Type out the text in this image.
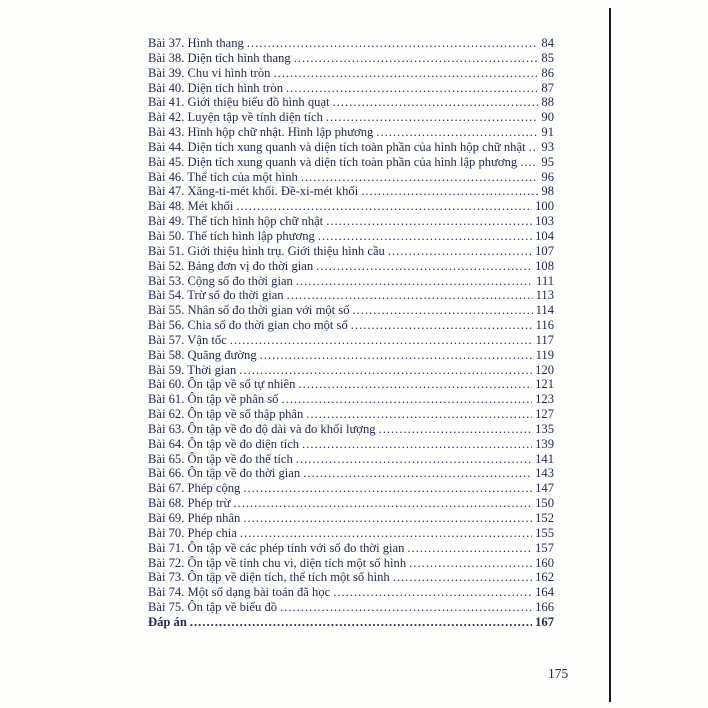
Bài 37. Hình thang .....	84
Bài 38. Diện tích hình thang .....	85
Bài 39. Chu vi hình tròn .....	86
Bài 40. Diện tích hình tròn .....	87
Bài 41. Giới thiệu biểu đồ hình quạt .....	88
Bài 42. Luyện tập về tính diện tích .....	90
Bài 43. Hình hộp chữ nhật. Hình lập phương .....	91
Bài 44. Diện tích xung quanh và diện tích toàn phần của hình hộp chữ nhật ..... 93
Bài 45. Diện tích xung quanh và diện tích toàn phần của hình lập phương ..... 95
Bài 46. Thể tích của một hình .....	96
Bài 47. Xăng-ti-mét khối. Đề-xi-mét khối .....	98
Bài 48. Mét khối .....	100
Bài 49. Thể tích hình hộp chữ nhật .....	103
Bài 50. Thể tích hình lập phương .....	104
Bài 51. Giới thiệu hình trụ. Giới thiệu hình cầu .....	107
Bài 52. Bảng đơn vị đo thời gian .....	108
Bài 53. Cộng số đo thời gian .....	111
Bài 54. Trừ số đo thời gian .....	113
Bài 55. Nhân số đo thời gian với một số .....	114
Bài 56. Chia số đo thời gian cho một số .....	116
Bài 57. Vận tốc .....	117
Bài 58. Quãng đường .....	119
Bài 59. Thời gian .....	120
Bài 60. Ôn tập về số tự nhiên .....	121
Bài 61. Ôn tập về phân số .....	123
Bài 62. Ôn tập về số thập phân .....	127
Bài 63. Ôn tập về đo độ dài và đo khối lượng .....	135
Bài 64. Ôn tập về đo diện tích .....	139
Bài 65. Ôn tập về đo thể tích .....	141
Bài 66. Ôn tập về đo thời gian .....	143
Bài 67. Phép cộng .....	147
Bài 68. Phép trừ .....	150
Bài 69. Phép nhân .....	152
Bài 70. Phép chia .....	155
Bài 71. Ôn tập về các phép tính với số đo thời gian .....	157
Bài 72. Ôn tập về tính chu vi, diện tích một số hình .....	160
Bài 73. Ôn tập về diện tích, thể tích một số hình .....	162
Bài 74. Một số dạng bài toán đã học .....	164
Bài 75. Ôn tập về biểu đồ .....	166
Đáp án .....	167
175
